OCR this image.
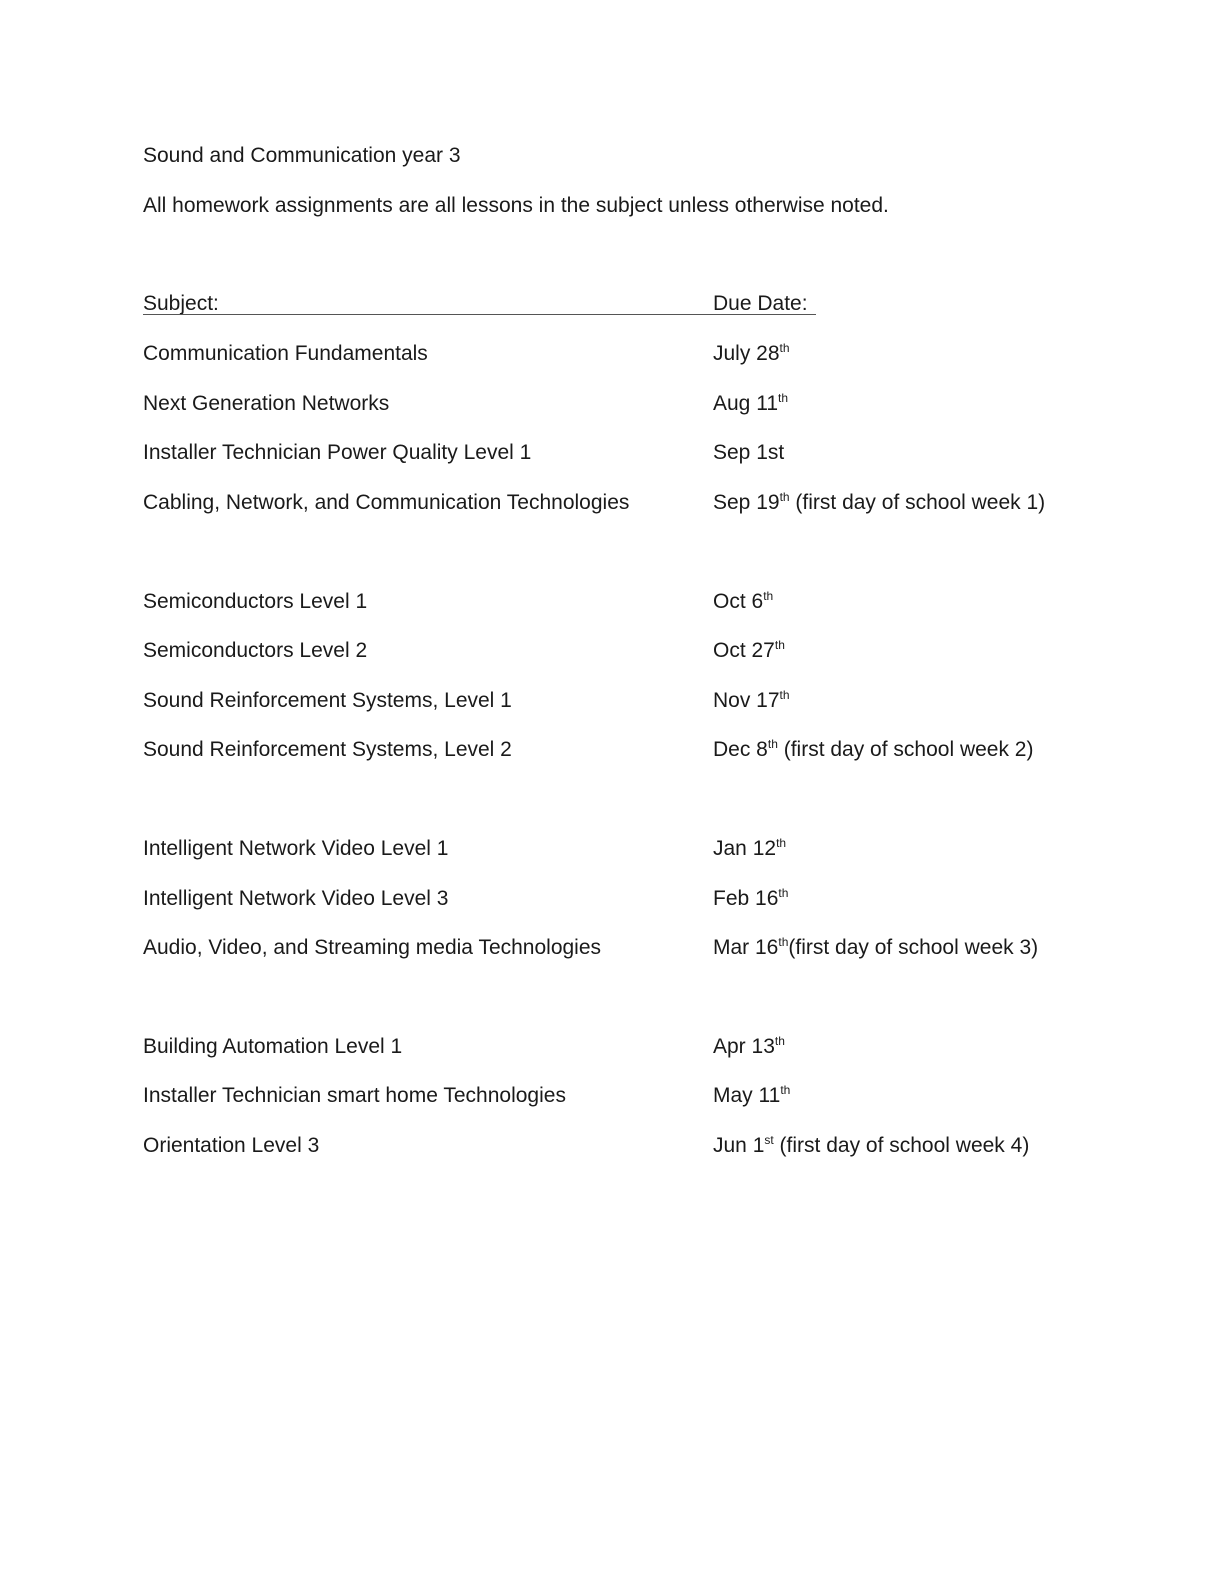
Sound and Communication year 3
All homework assignments are all lessons in the subject unless otherwise noted.
Subject:	Due Date:
Communication Fundamentals	July 28th
Next Generation Networks	Aug 11th
Installer Technician Power Quality Level 1	Sep 1st
Cabling, Network, and Communication Technologies	Sep 19th (first day of school week 1)
Semiconductors Level 1	Oct 6th
Semiconductors Level 2	Oct 27th
Sound Reinforcement Systems, Level 1	Nov 17th
Sound Reinforcement Systems, Level 2	Dec 8th (first day of school week 2)
Intelligent Network Video Level 1	Jan 12th
Intelligent Network Video Level 3	Feb 16th
Audio, Video, and Streaming media Technologies	Mar 16th(first day of school week 3)
Building Automation Level 1	Apr 13th
Installer Technician smart home Technologies	May 11th
Orientation Level 3	Jun 1st (first day of school week 4)
